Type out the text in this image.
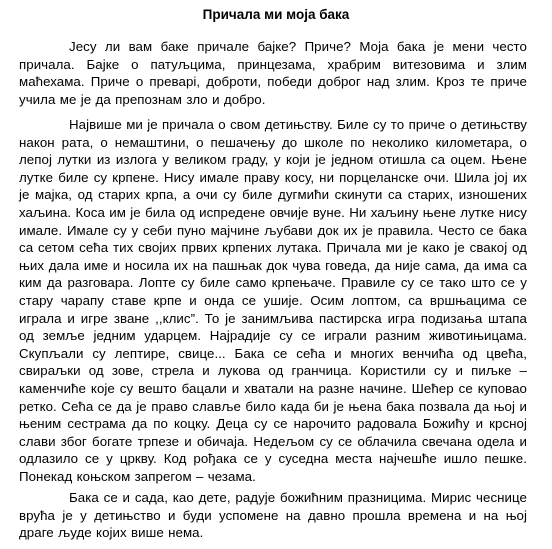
Причала ми моја бака

Јесу ли вам баке причале бајке? Приче? Моја бака је мени често причала. Бајке о патуљцима, принцезама, храбрим витезовима и злим маћехама. Приче о преварi, доброти, победи доброг над злим. Кроз те приче учила ме је да препознам зло и добро.

Највише ми је причала о свом детињству. Биле су то приче о детињству након рата, о немаштини, о пешачењу до школе по неколико километара, о лепој лутки из излога у великом граду, у који је једном отишла са оцем. Њене лутке биле су крпене. Нису имале праву косу, ни порцеланске очи. Шила јој их је мајка, од старих крпа, а очи су биле дугмићи скинути са старих, изношених хаљина. Коса им је била од испредене овчије вуне. Ни хаљину њене лутке нису имале. Имале су у себи пуно мајчине љубави док их је правила. Често се бака са сетом сећа тих својих првих крпених лутака. Причала ми је како је свакој од њих дала име и носила их на пашњак док чува говеда, да није сама, да има са ким да разговара. Лопте су биле само крпењаче. Правиле су се тако што се у стару чарапу ставе крпе и онда се ушије. Осим лоптом, са вршњацима се играла и игре зване ,,клис”. То је занимљива пастирска игра подизања штапа од земље једним ударцем. Најрадије су се играли разним животињицама. Скупљали су лептире, свице... Бака се сећа и многих венчића од цвећа, свираљки од зове, стрела и лукова од гранчица. Користили су и пиљке – каменчиће које су вешто бацали и хватали на разне начине. Шећер се куповао ретко. Сећа се да је право славље било када би је њена бака позвала да њој и њеним сестрама да по коцку. Деца су се нарочито радовала Божићу и крсној слави због богате трпезе и обичаја. Недељом су се облачила свечана одела и одлазило се у цркву. Код рођака се у суседна места најчешће ишло пешке. Понекад коњском запрегом – чезама.

Бака се и сада, као дете, радује божићним празницима. Мирис чеснице врућа је у детињство и буди успомене на давно прошла времена и на њој драге људе којих више нема.
